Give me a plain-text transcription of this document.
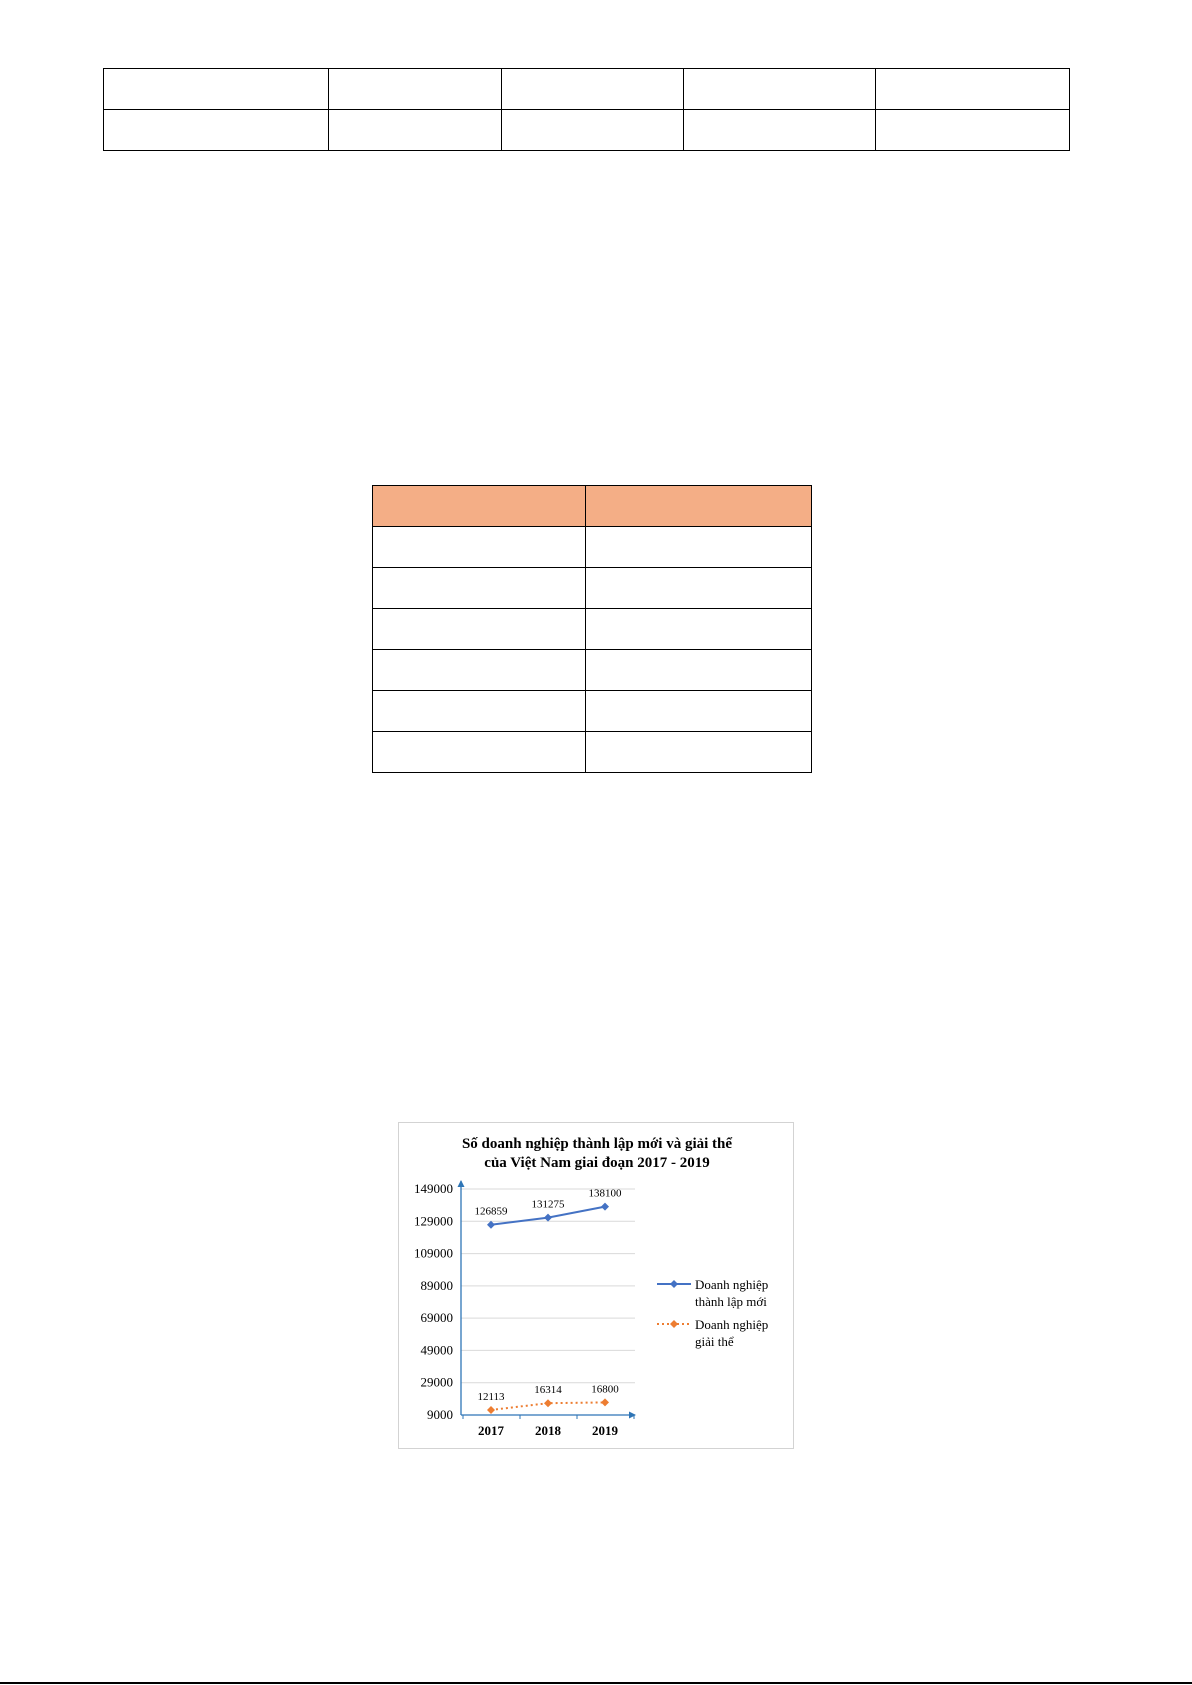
Số doanh nghiệp thành lập mới và giải thể
của Việt Nam giai đoạn 2017 - 2019
149000
129000
109000
89000
69000
49000
29000
9000
2017 2018 2019
126859
131275
138100
12113
16314	16800
Doanh nghiệp
thành lập mới
Doanh nghiệp
giải thể
